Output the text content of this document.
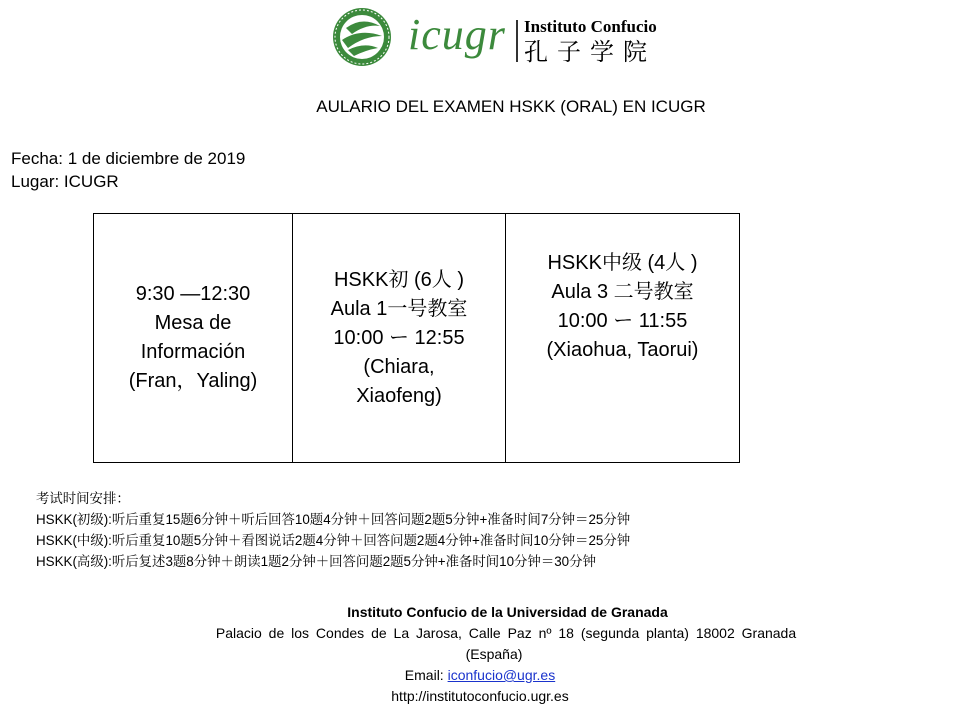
icugr Instituto Confucio
孔子学院
AULARIO DEL EXAMEN HSKK (ORAL) EN ICUGR
Fecha: 1 de diciembre de 2019
Lugar: ICUGR
9:30 —12:30
Mesa de
Información
(Fran，Yaling)

HSKK初 (6人 )
Aula 1一号教室
10:00 ー 12:55
(Chiara,
Xiaofeng)

HSKK中级 (4人 )
Aula 3 二号教室
10:00 ー 11:55
(Xiaohua, Taorui)
考试时间安排：
HSKK(初级):听后重复15题6分钟＋听后回答10题4分钟＋回答问题2题5分钟+准备时间7分钟＝25分钟
HSKK(中级):听后重复10题5分钟＋看图说话2题4分钟＋回答问题2题4分钟+准备时间10分钟＝25分钟
HSKK(高级):听后复述3题8分钟＋朗读1题2分钟＋回答问题2题5分钟+准备时间10分钟＝30分钟
Instituto Confucio de la Universidad de Granada
Palacio de los Condes de La Jarosa, Calle Paz nº 18 (segunda planta) 18002 Granada
(España)
Email: iconfucio@ugr.es
http://institutoconfucio.ugr.es
